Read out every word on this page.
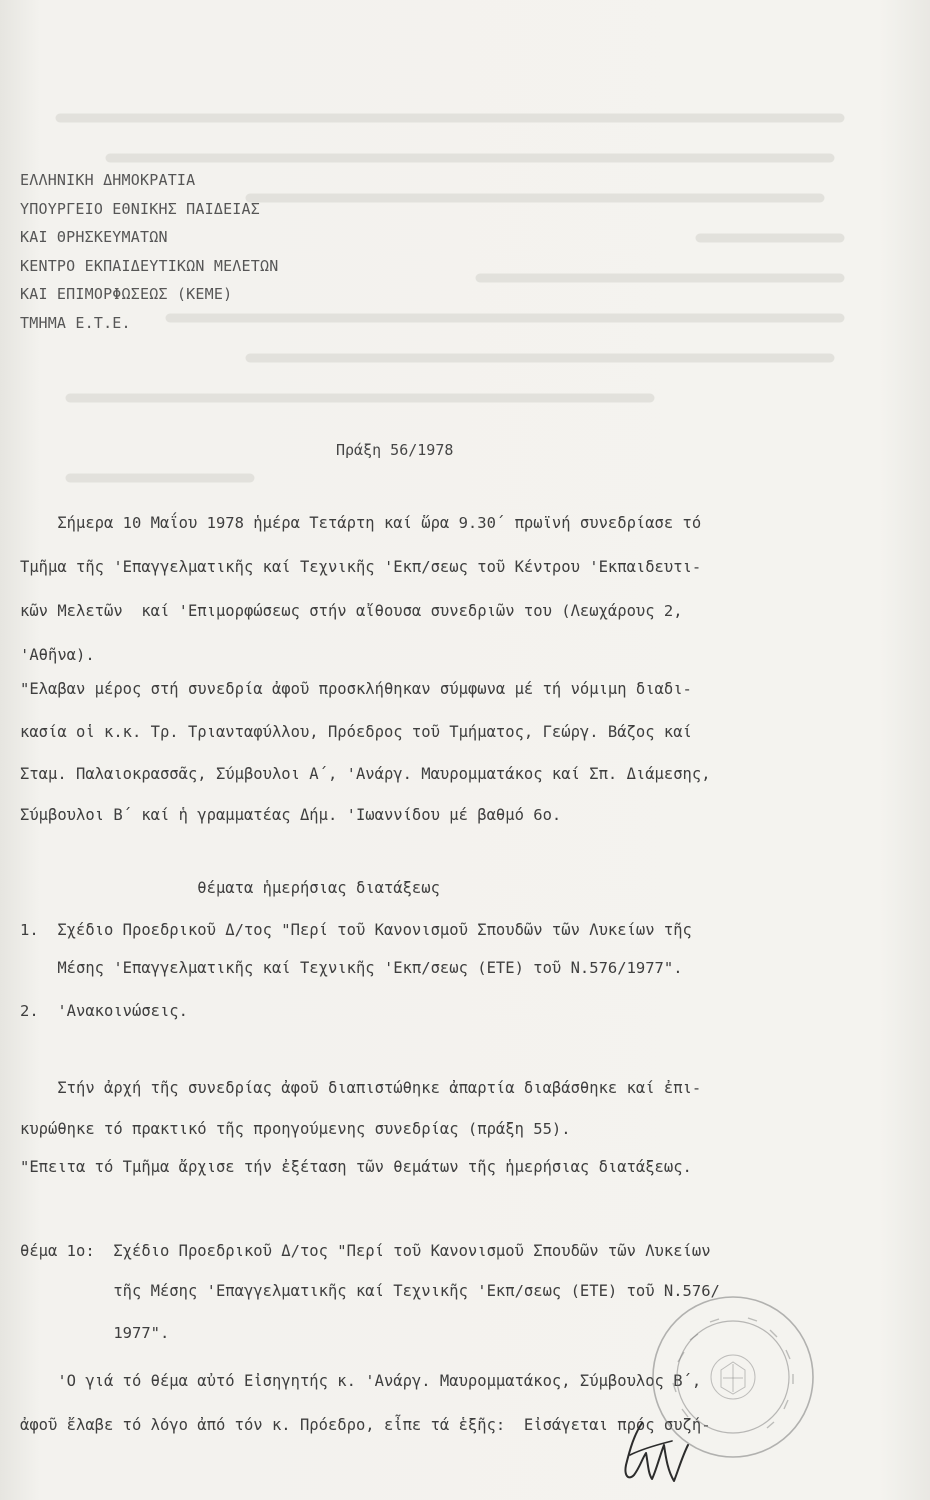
ΕΛΛΗΝΙΚΗ ΔΗΜΟΚΡΑΤΙΑ
ΥΠΟΥΡΓΕΙΟ ΕΘΝΙΚΗΣ ΠΑΙΔΕΙΑΣ
ΚΑΙ ΘΡΗΣΚΕΥΜΑΤΩΝ
ΚΕΝΤΡΟ ΕΚΠΑΙΔΕΥΤΙΚΩΝ ΜΕΛΕΤΩΝ
ΚΑΙ ΕΠΙΜΟΡΦΩΣΕΩΣ (ΚΕΜΕ)
ΤΜΗΜΑ Ε.Τ.Ε.
Πράξη 56/1978
Σήμερα 10 Μαΐου 1978 ἡμέρα Τετάρτη καί ὥρα 9.30΄ πρωϊνή συνεδρίασε τό
Τμῆμα τῆς 'Επαγγελματικῆς καί Τεχνικῆς 'Εκπ/σεως τοῦ Κέντρου 'Εκπαιδευτι-
κῶν Μελετῶν  καί 'Επιμορφώσεως στήν αἴθουσα συνεδριῶν του (Λεωχάρους 2,
'Αθῆνα).
"Ελαβαν μέρος στή συνεδρία ἀφοῦ προσκλήθηκαν σύμφωνα μέ τή νόμιμη διαδι-
κασία οἱ κ.κ. Τρ. Τριανταφύλλου, Πρόεδρος τοῦ Τμήματος, Γεώργ. Βάζος καί
Σταμ. Παλαιοκρασσᾶς, Σύμβουλοι Α΄, 'Ανάργ. Μαυρομματάκος καί Σπ. Διάμεσης,
Σύμβουλοι Β΄ καί ἡ γραμματέας Δήμ. 'Ιωαννίδου μέ βαθμό 6ο.
θέματα ἡμερήσιας διατάξεως
1.  Σχέδιο Προεδρικοῦ Δ/τος "Περί τοῦ Κανονισμοῦ Σπουδῶν τῶν Λυκείων τῆς
Μέσης 'Επαγγελματικῆς καί Τεχνικῆς 'Εκπ/σεως (ΕΤΕ) τοῦ Ν.576/1977".
2.  'Ανακοινώσεις.
Στήν ἀρχή τῆς συνεδρίας ἀφοῦ διαπιστώθηκε ἀπαρτία διαβάσθηκε καί ἐπι-
κυρώθηκε τό πρακτικό τῆς προηγούμενης συνεδρίας (πράξη 55).
"Επειτα τό Τμῆμα ἄρχισε τήν ἐξέταση τῶν θεμάτων τῆς ἡμερήσιας διατάξεως.
θέμα 1ο:  Σχέδιο Προεδρικοῦ Δ/τος "Περί τοῦ Κανονισμοῦ Σπουδῶν τῶν Λυκείων
τῆς Μέσης 'Επαγγελματικῆς καί Τεχνικῆς 'Εκπ/σεως (ΕΤΕ) τοῦ Ν.576/
1977".
'Ο γιά τό θέμα αὐτό Εἰσηγητής κ. 'Ανάργ. Μαυρομματάκος, Σύμβουλος Β΄,
ἀφοῦ ἔλαβε τό λόγο ἀπό τόν κ. Πρόεδρο, εἶπε τά ἑξῆς:  Εἰσάγεται πρός συζή-
